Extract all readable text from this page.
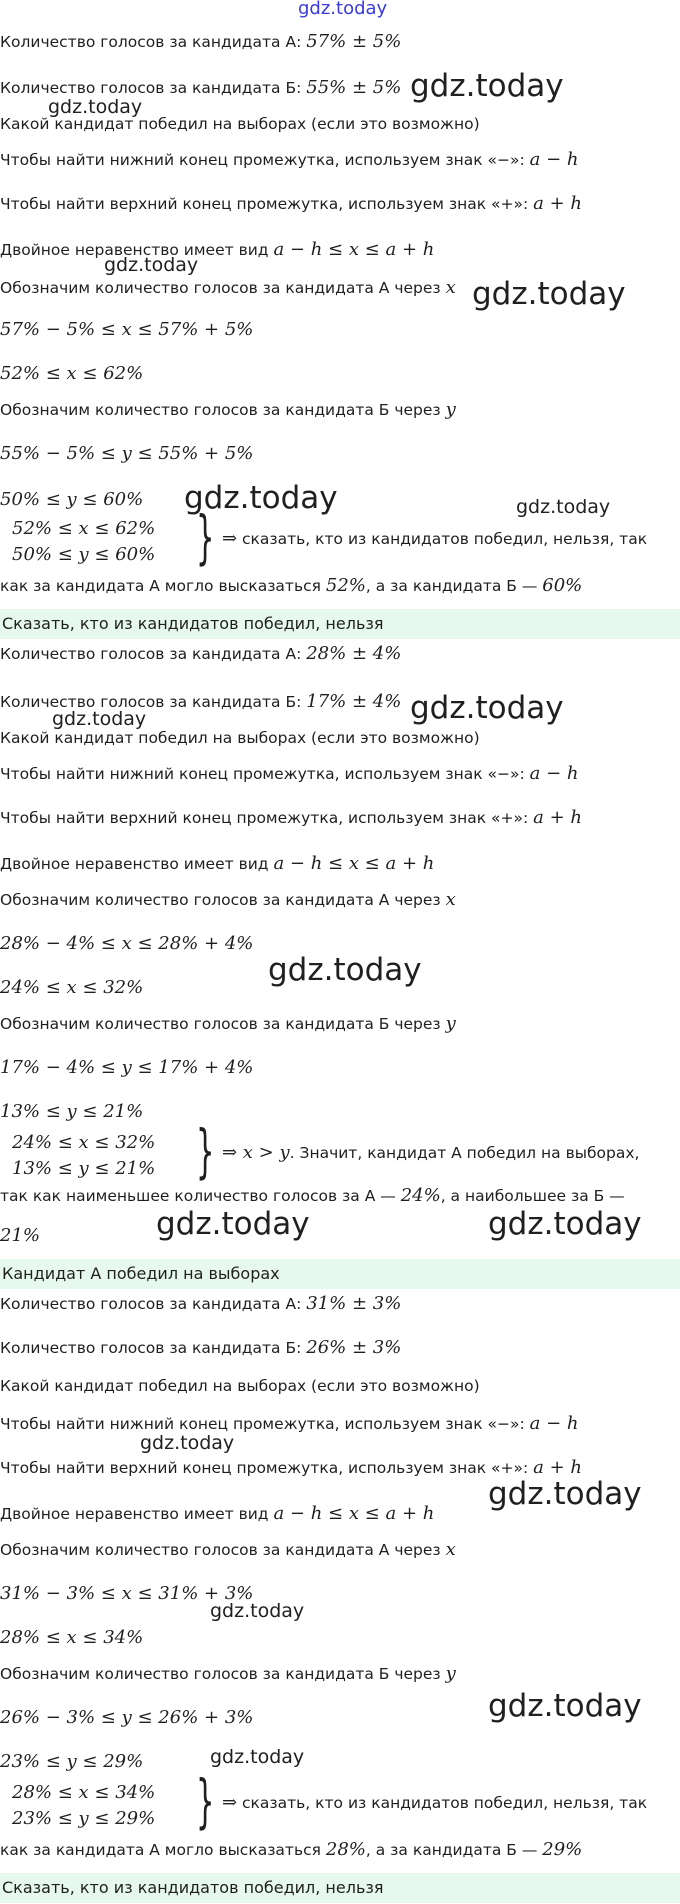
Количество голосов за кандидата А: 57% ± 5%

Количество голосов за кандидата Б: 55% ± 5%

Какой кандидат победил на выборах (если это возможно)

Чтобы найти нижний конец промежутка, используем знак «−»: a − h

Чтобы найти верхний конец промежутка, используем знак «+»: a + h

Двойное неравенство имеет вид a − h ≤ x ≤ a + h

Обозначим количество голосов за кандидата А через x

57% − 5% ≤ x ≤ 57% + 5%

52% ≤ x ≤ 62%

Обозначим количество голосов за кандидата Б через y

55% − 5% ≤ y ≤ 55% + 5%

50% ≤ y ≤ 60%

52% ≤ x ≤ 62%
50% ≤ y ≤ 60% } ⇒ сказать, кто из кандидатов победил, нельзя, так

как за кандидата А могло высказаться 52%, а за кандидата Б — 60%

Сказать, кто из кандидатов победил, нельзя

Количество голосов за кандидата А: 28% ± 4%

Количество голосов за кандидата Б: 17% ± 4%

Какой кандидат победил на выборах (если это возможно)

Чтобы найти нижний конец промежутка, используем знак «−»: a − h

Чтобы найти верхний конец промежутка, используем знак «+»: a + h

Двойное неравенство имеет вид a − h ≤ x ≤ a + h

Обозначим количество голосов за кандидата А через x

28% − 4% ≤ x ≤ 28% + 4%

24% ≤ x ≤ 32%

Обозначим количество голосов за кандидата Б через y

17% − 4% ≤ y ≤ 17% + 4%

13% ≤ y ≤ 21%

24% ≤ x ≤ 32%
13% ≤ y ≤ 21% } ⇒ x > y. Значит, кандидат А победил на выборах,

так как наименьшее количество голосов за А — 24%, а наибольшее за Б —

21%

Кандидат А победил на выборах

Количество голосов за кандидата А: 31% ± 3%

Количество голосов за кандидата Б: 26% ± 3%

Какой кандидат победил на выборах (если это возможно)

Чтобы найти нижний конец промежутка, используем знак «−»: a − h

Чтобы найти верхний конец промежутка, используем знак «+»: a + h

Двойное неравенство имеет вид a − h ≤ x ≤ a + h

Обозначим количество голосов за кандидата А через x

31% − 3% ≤ x ≤ 31% + 3%

28% ≤ x ≤ 34%

Обозначим количество голосов за кандидата Б через y

26% − 3% ≤ y ≤ 26% + 3%

23% ≤ y ≤ 29%

28% ≤ x ≤ 34%
23% ≤ y ≤ 29% } ⇒ сказать, кто из кандидатов победил, нельзя, так

как за кандидата А могло высказаться 28%, а за кандидата Б — 29%

Сказать, кто из кандидатов победил, нельзя
gdz.today
gdz.today
gdz.today
gdz.today
gdz.today
gdz.today	gdz.today
gdz.today
gdz.today
gdz.today
gdz.today	gdz.today
gdz.today
gdz.today
gdz.today
gdz.today
gdz.today
